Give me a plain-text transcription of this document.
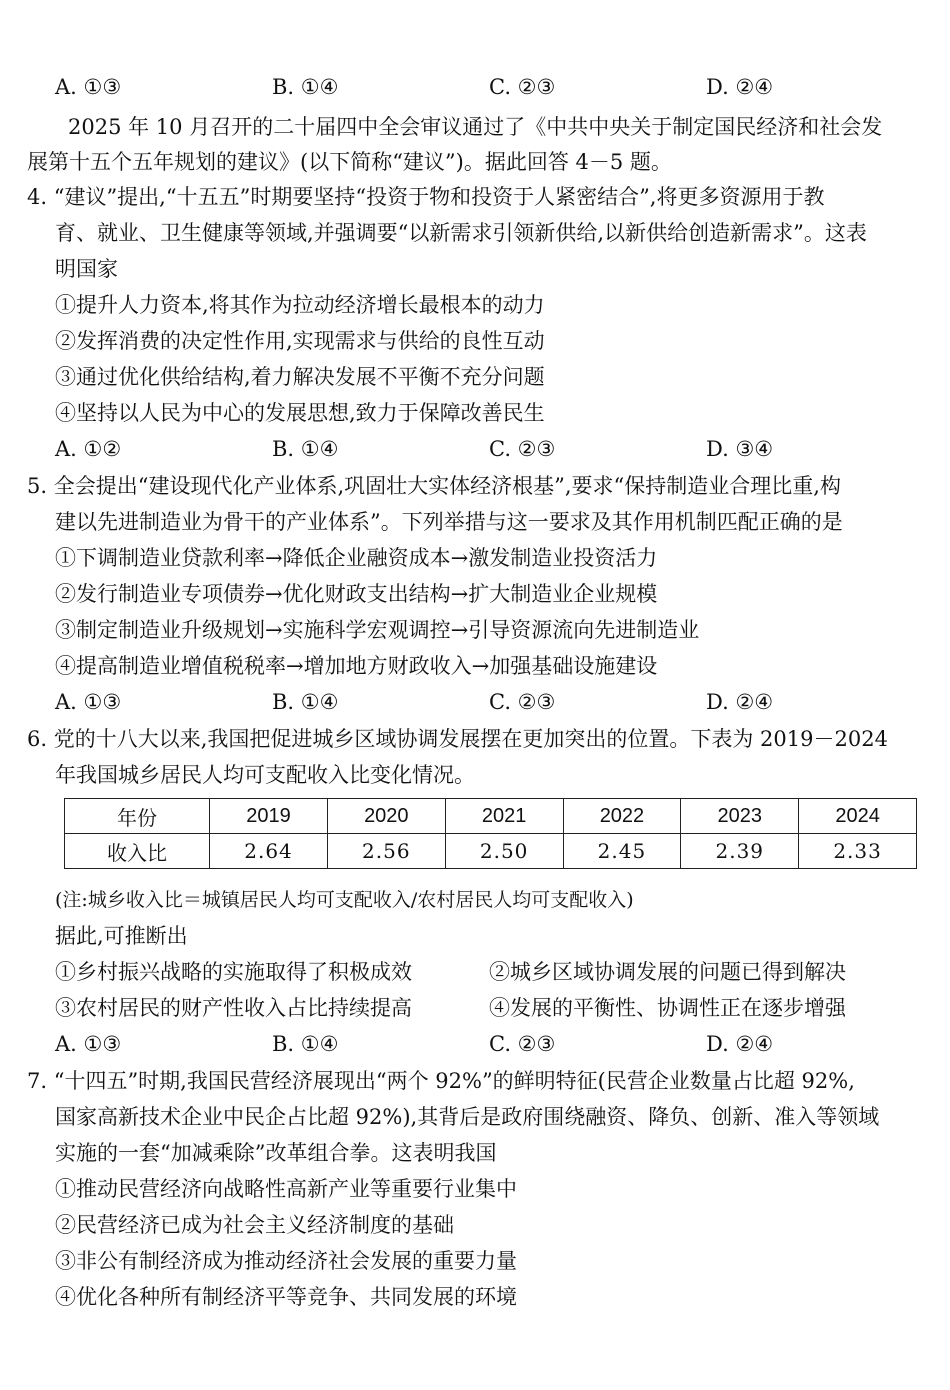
A. ①③	B. ①④	C. ②③	D. ②④
2025 年 10 月召开的二十届四中全会审议通过了《中共中央关于制定国民经济和社会发
展第十五个五年规划的建议》(以下简称“建议”)。据此回答 4－5 题。
4. “建议”提出,“十五五”时期要坚持“投资于物和投资于人紧密结合”,将更多资源用于教
育、就业、卫生健康等领域,并强调要“以新需求引领新供给,以新供给创造新需求”。这表
明国家
①提升人力资本,将其作为拉动经济增长最根本的动力
②发挥消费的决定性作用,实现需求与供给的良性互动
③通过优化供给结构,着力解决发展不平衡不充分问题
④坚持以人民为中心的发展思想,致力于保障改善民生
A. ①②	B. ①④	C. ②③	D. ③④
5. 全会提出“建设现代化产业体系,巩固壮大实体经济根基”,要求“保持制造业合理比重,构
建以先进制造业为骨干的产业体系”。下列举措与这一要求及其作用机制匹配正确的是
①下调制造业贷款利率→降低企业融资成本→激发制造业投资活力
②发行制造业专项债券→优化财政支出结构→扩大制造业企业规模
③制定制造业升级规划→实施科学宏观调控→引导资源流向先进制造业
④提高制造业增值税税率→增加地方财政收入→加强基础设施建设
A. ①③	B. ①④	C. ②③	D. ②④
6. 党的十八大以来,我国把促进城乡区域协调发展摆在更加突出的位置。下表为 2019－2024
年我国城乡居民人均可支配收入比变化情况。
年份	2019	2020	2021	2022	2023	2024
收入比	2.64	2.56	2.50	2.45	2.39	2.33
(注:城乡收入比＝城镇居民人均可支配收入/农村居民人均可支配收入)
据此,可推断出
①乡村振兴战略的实施取得了积极成效	②城乡区域协调发展的问题已得到解决
③农村居民的财产性收入占比持续提高	④发展的平衡性、协调性正在逐步增强
A. ①③	B. ①④	C. ②③	D. ②④
7. “十四五”时期,我国民营经济展现出“两个 92%”的鲜明特征(民营企业数量占比超 92%,
国家高新技术企业中民企占比超 92%),其背后是政府围绕融资、降负、创新、准入等领域
实施的一套“加减乘除”改革组合拳。这表明我国
①推动民营经济向战略性高新产业等重要行业集中
②民营经济已成为社会主义经济制度的基础
③非公有制经济成为推动经济社会发展的重要力量
④优化各种所有制经济平等竞争、共同发展的环境
